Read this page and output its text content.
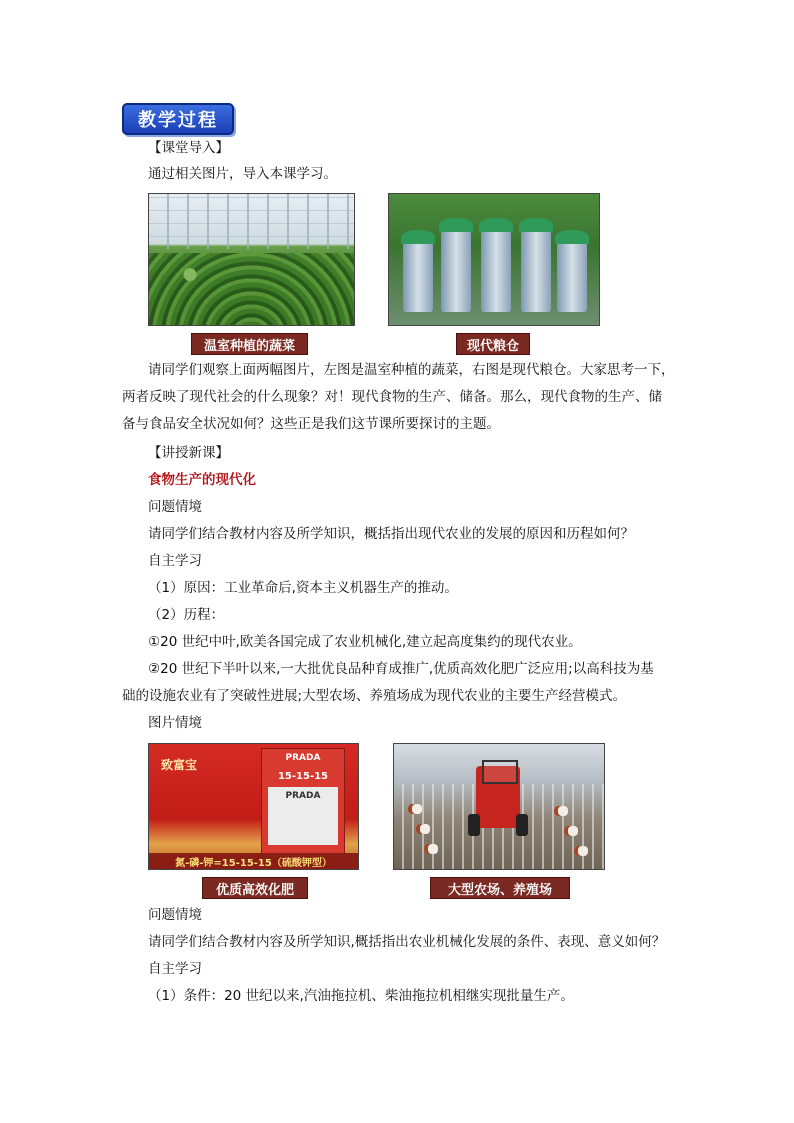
教学过程
【课堂导入】
通过相关图片，导入本课学习。
温室种植的蔬菜	现代粮仓
请同学们观察上面两幅图片，左图是温室种植的蔬菜，右图是现代粮仓。大家思考一下，
两者反映了现代社会的什么现象？对！现代食物的生产、储备。那么，现代食物的生产、储
备与食品安全状况如何？这些正是我们这节课所要探讨的主题。
【讲授新课】
食物生产的现代化
问题情境
请同学们结合教材内容及所学知识，概括指出现代农业的发展的原因和历程如何？
自主学习
（1）原因：工业革命后,资本主义机器生产的推动。
（2）历程：
①20 世纪中叶,欧美各国完成了农业机械化,建立起高度集约的现代农业。
②20 世纪下半叶以来,一大批优良品种育成推广,优质高效化肥广泛应用;以高科技为基
础的设施农业有了突破性进展;大型农场、养殖场成为现代农业的主要生产经营模式。
图片情境
致富宝	PRADA
15-15-15
PRADA
氮-磷-钾=15-15-15（硫酸钾型）
优质高效化肥	大型农场、养殖场
问题情境
请同学们结合教材内容及所学知识,概括指出农业机械化发展的条件、表现、意义如何？
自主学习
（1）条件：20 世纪以来,汽油拖拉机、柴油拖拉机相继实现批量生产。
